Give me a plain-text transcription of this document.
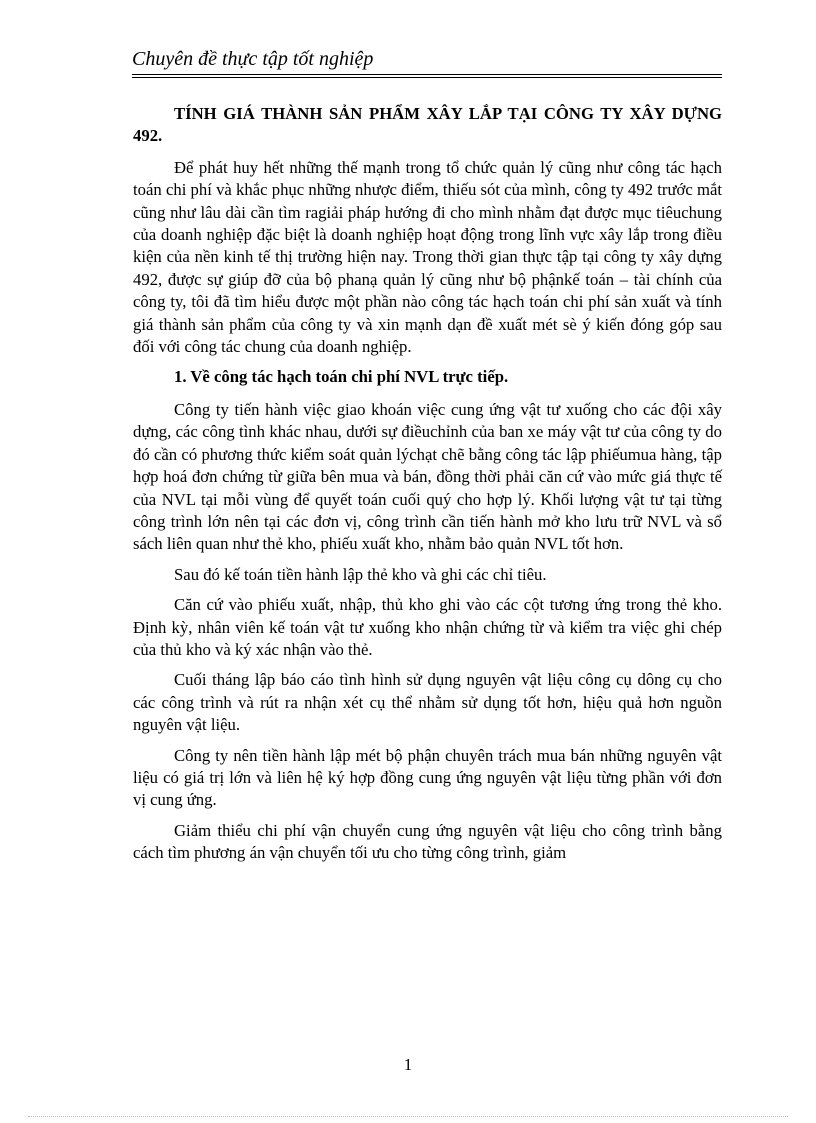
Chuyên đề thực tập tốt nghiệp

TÍNH GIÁ THÀNH SẢN PHẨM XÂY LẮP TẠI CÔNG TY XÂY DỰNG 492.

Để phát huy hết những thế mạnh trong tổ chức quản lý cũng như công tác hạch toán chi phí và khắc phục những nhược điểm, thiếu sót của mình, công ty 492 trước mắt cũng như lâu dài cần tìm ragiải pháp hướng đi cho mình nhằm đạt được mục tiêuchung của doanh nghiệp đặc biệt là doanh nghiệp hoạt động trong lĩnh vực xây lắp trong điều kiện của nền kinh tế thị trường hiện nay. Trong thời gian thực tập tại công ty xây dựng 492, được sự giúp đỡ của bộ phanạ quản lý cũng như bộ phậnkế toán – tài chính của công ty, tôi đã tìm hiểu được một phần nào công tác hạch toán chi phí sản xuất và tính giá thành sản phẩm của công ty và xin mạnh dạn đề xuất mét sè ý kiến đóng góp sau đối với công tác chung của doanh nghiệp.

1. Về công tác hạch toán chi phí NVL trực tiếp.

Công ty tiến hành việc giao khoán việc cung ứng vật tư xuống cho các đội xây dựng, các công tình khác nhau, dưới sự điềuchỉnh của ban xe máy vật tư của công ty do đó cần có phương thức kiểm soát quản lýchạt chẽ bằng công tác lập phiếumua hàng, tập hợp hoá đơn chứng từ giữa bên mua và bán, đồng thời phải căn cứ vào mức giá thực tế của NVL tại mỗi vùng để quyết toán cuối quý cho hợp lý. Khối lượng vật tư tại từng công trình lớn nên tại các đơn vị, công trình cần tiến hành mở kho lưu trữ NVL và sổ sách liên quan như thẻ kho, phiếu xuất kho, nhằm bảo quản NVL tốt hơn.

Sau đó kế toán tiền hành lập thẻ kho và ghi các chỉ tiêu.

Căn cứ vào phiếu xuất, nhập, thủ kho ghi vào các cột tương ứng trong thẻ kho. Định kỳ, nhân viên kế toán vật tư xuống kho nhận chứng từ và kiểm tra việc ghi chép của thủ kho và ký xác nhận vào thẻ.

Cuối tháng lập báo cáo tình hình sử dụng nguyên vật liệu công cụ dông cụ cho các công trình và rút ra nhận xét cụ thể nhằm sử dụng tốt hơn, hiệu quả hơn nguồn nguyên vật liệu.

Công ty nên tiền hành lập mét bộ phận chuyên trách mua bán những nguyên vật liệu có giá trị lớn và liên hệ ký hợp đồng cung ứng nguyên vật liệu từng phần với đơn vị cung ứng.

Giảm thiểu chi phí vận chuyển cung ứng nguyên vật liệu cho công trình bằng cách tìm phương án vận chuyển tối ưu cho từng công trình, giảm

1
